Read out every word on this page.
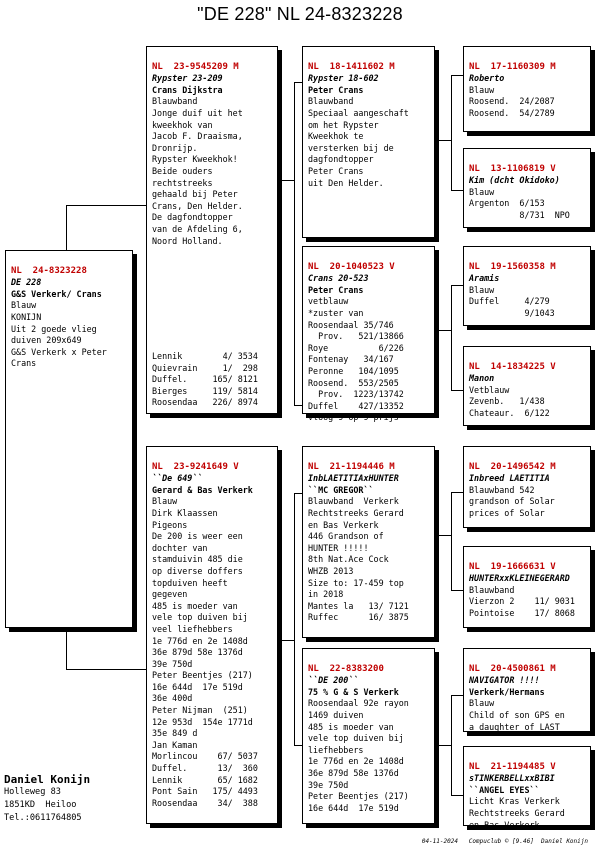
"DE 228" NL 24-8323228

NL  24-8323228
DE 228
G&S Verkerk/ Crans
Blauw
KONIJN
Uit 2 goede vlieg
duiven 209x649
G&S Verkerk x Peter
Crans

NL  23-9545209 M
Rypster 23-209
Crans Dijkstra
Blauwband
Jonge duif uit het
kweekhok van
Jacob F. Draaisma,
Dronrijp.
Rypster Kweekhok!
Beide ouders
rechtstreeks
gehaald bij Peter
Crans, Den Helder.
De dagfondtopper
van de Afdeling 6,
Noord Holland.

Lennik        4/ 3534
Quievrain     1/  298
Duffel.     165/ 8121
Bierges     119/ 5814
Roosendaa   226/ 8974

NL  23-9241649 V
``De 649``
Gerard & Bas Verkerk
Blauw
Dirk Klaassen
Pigeons
De 200 is weer een
dochter van
stamduivin 485 die
op diverse doffers
topduiven heeft
gegeven
485 is moeder van
vele top duiven bij
veel liefhebbers
1e 776d en 2e 1408d
36e 879d 58e 1376d
39e 750d
Peter Beentjes (217)
16e 644d  17e 519d
36e 400d
Peter Nijman  (251)
12e 953d  154e 1771d
35e 849 d
Jan Kaman
Morlincou    67/ 5037
Duffel.      13/  360
Lennik       65/ 1682
Pont Sain   175/ 4493
Roosendaa    34/  388

NL  18-1411602 M
Rypster 18-602
Peter Crans
Blauwband
Speciaal aangeschaft
om het Rypster
Kweekhok te
versterken bij de
dagfondtopper
Peter Crans
uit Den Helder.

NL  20-1040523 V
Crans 20-523
Peter Crans
vetblauw
*zuster van
Roosendaal 35/746
Prov.   521/13866
Roye          6/226
Fontenay   34/167
Peronne   104/1095
Roosend.  553/2505
Prov.  1223/13742
Duffel    427/13352
vloog 9 op 9 prijs

NL  21-1194446 M
InbLAETITIAxHUNTER
``MC GREGOR``
Blauwband  Verkerk
Rechtstreeks Gerard
en Bas Verkerk
446 Grandson of
HUNTER !!!!!
8th Nat.Ace Cock
WHZB 2013
Size to: 17-459 top
in 2018
Mantes la   13/ 7121
Ruffec      16/ 3875

NL  22-8383200
``DE 200``
75 % G & S Verkerk
Roosendaal 92e rayon
1469 duiven
485 is moeder van
vele top duiven bij
liefhebbers
1e 776d en 2e 1408d
36e 879d 58e 1376d
39e 750d
Peter Beentjes (217)
16e 644d  17e 519d

NL  17-1160309 M
Roberto
Blauw
Roosend.  24/2087
Roosend.  54/2789

NL  13-1106819 V
Kim (dcht Okidoko)
Blauw
Argenton  6/153
8/731  NPO

NL  19-1560358 M
Aramis
Blauw
Duffel     4/279
9/1043

NL  14-1834225 V
Manon
Vetblauw
Zevenb.   1/438
Chateaur.  6/122

NL  20-1496542 M
Inbreed LAETITIA
Blauwband 542
grandson of Solar
prices of Solar

NL  19-1666631 V
HUNTERxxKLEINEGERARD
Blauwband
Vierzon 2    11/ 9031
Pointoise    17/ 8068

NL  20-4500861 M
NAVIGATOR !!!!
Verkerk/Hermans
Blauw
Child of son GPS en
a daughter of LAST

NL  21-1194485 V
sTINKERBELLxxBIBI
``ANGEL EYES``
Licht Kras Verkerk
Rechtstreeks Gerard
en Bas Verkerk

Daniel Konijn
Holleweg 83
1851KD  Heiloo
Tel.:0611764805

04-11-2024   Compuclub © [9.46]  Daniel Konijn
